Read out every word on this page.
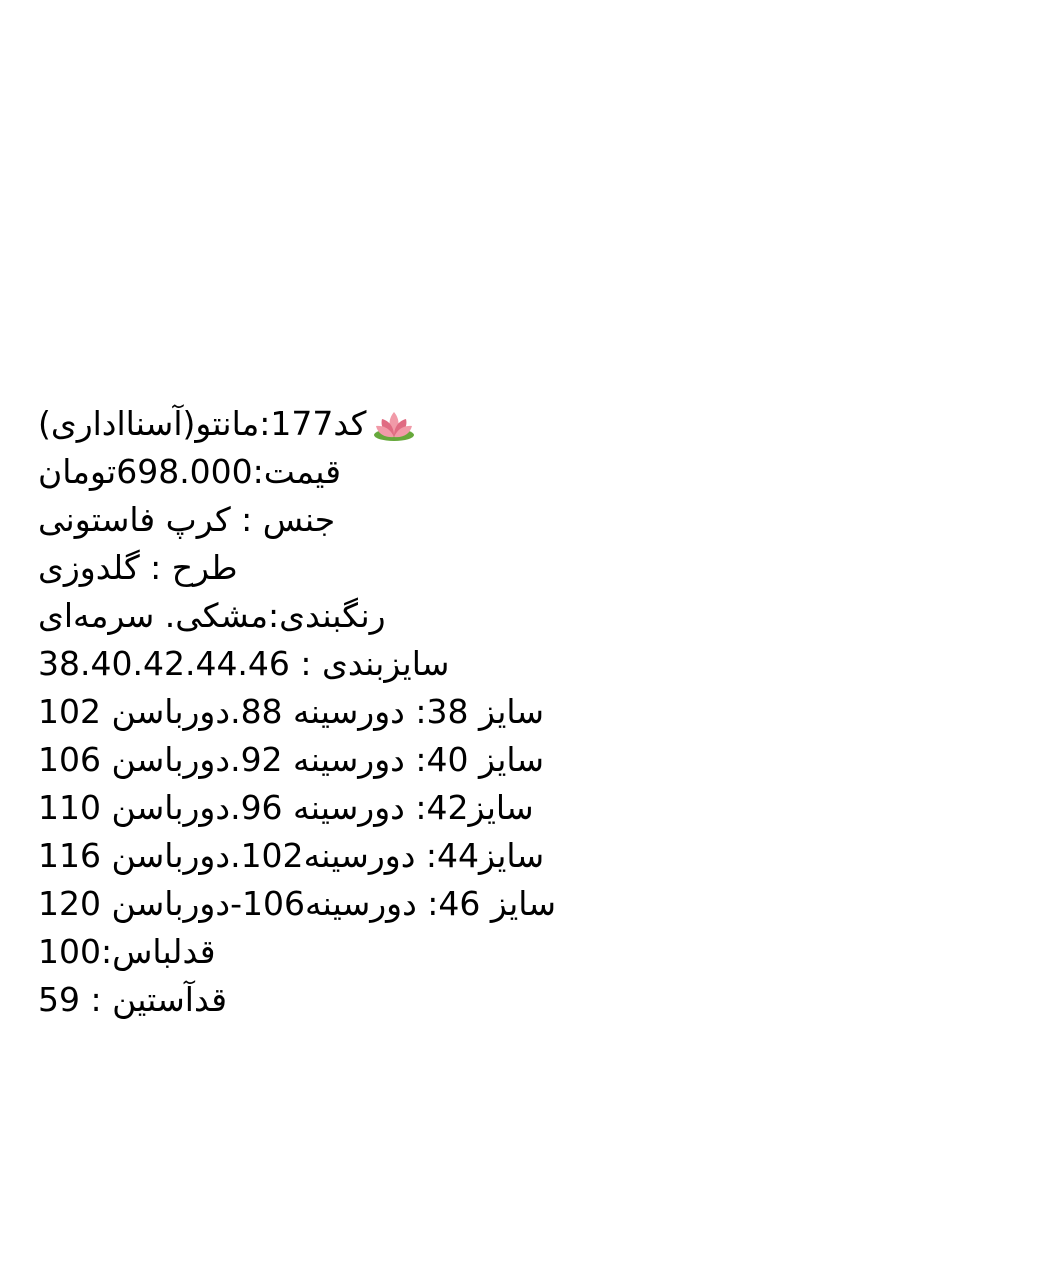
کد177:مانتو(آسنااداری)
قیمت:698.000تومان
جنس : کرپ فاستونی
طرح : گلدوزی
رنگبندی:مشکی. سرمه‌ای
سایزبندی : 38.40.42.44.46
سایز 38: دورسینه 88.دورباسن 102
سایز 40: دورسینه 92.دورباسن 106
سایز42: دورسینه 96.دورباسن 110
سایز44: دورسینه102.دورباسن 116
سایز 46: دورسینه106-دورباسن 120
قدلباس:100
قدآستین : 59
